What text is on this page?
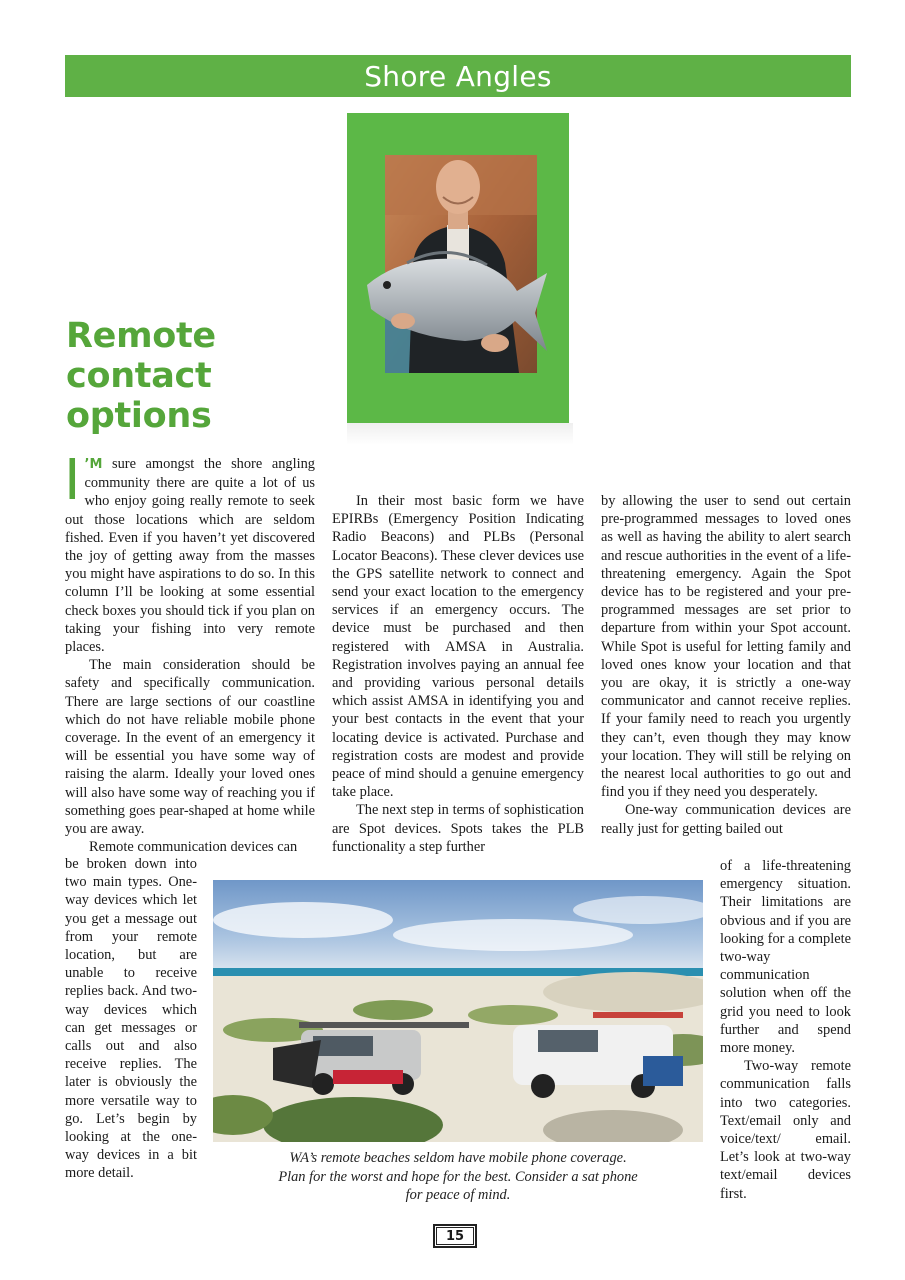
Shore Angles
Remote contact options

I ’M sure amongst the shore angling community there are quite a lot of us who enjoy going really remote to seek out those locations which are seldom fished. Even if you haven’t yet discovered the joy of getting away from the masses you might have aspirations to do so. In this column I’ll be looking at some essential check boxes you should tick if you plan on taking your fishing into very remote places.

The main consideration should be safety and specifically communication. There are large sections of our coastline which do not have reliable mobile phone coverage. In the event of an emergency it will be essential you have some way of raising the alarm. Ideally your loved ones will also have some way of reaching you if something goes pear-shaped at home while you are away.

Remote communication devices can

be broken down into two main types. One-way devices which let you get a message out from your remote location, but are unable to receive replies back. And two-way devices which can get messages or calls out and also receive replies. The later is obviously the more versatile way to go. Let’s begin by looking at the one-way devices in a bit more detail.

In their most basic form we have EPIRBs (Emergency Position Indicating Radio Beacons) and PLBs (Personal Locator Beacons). These clever devices use the GPS satellite network to connect and send your exact location to the emergency services if an emergency occurs. The device must be purchased and then registered with AMSA in Australia. Registration involves paying an annual fee and providing various personal details which assist AMSA in identifying you and your best contacts in the event that your locating device is activated. Purchase and registration costs are modest and provide peace of mind should a genuine emergency take place.

The next step in terms of sophistication are Spot devices. Spots takes the PLB functionality a step further

by allowing the user to send out certain pre-programmed messages to loved ones as well as having the ability to alert search and rescue authorities in the event of a life-threatening emergency. Again the Spot device has to be registered and your pre-programmed messages are set prior to departure from within your Spot account. While Spot is useful for letting family and loved ones know your location and that you are okay, it is strictly a one-way communicator and cannot receive replies. If your family need to reach you urgently they can’t, even though they may know your location. They will still be relying on the nearest local authorities to go out and find you if they need you desperately.

One-way communication devices are really just for getting bailed out

of a life-threatening emergency situation. Their limitations are obvious and if you are looking for a complete two-way communication solution when off the grid you need to look further and spend more money.

Two-way remote communication falls into two categories. Text/email only and voice/text/ email. Let’s look at two-way text/email devices first.

WA’s remote beaches seldom have mobile phone coverage.
Plan for the worst and hope for the best. Consider a sat phone
for peace of mind.

15
